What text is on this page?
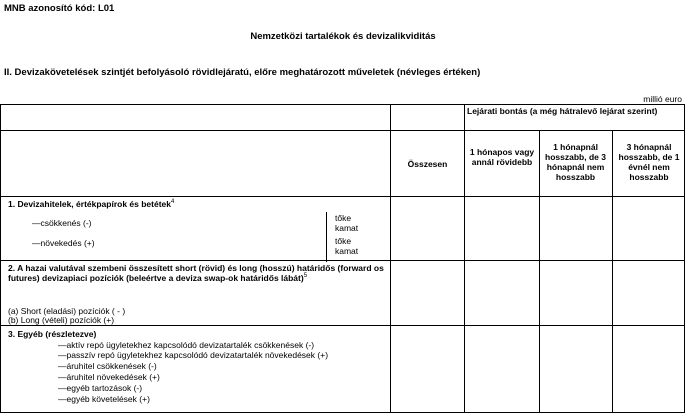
MNB azonosító kód: L01
Nemzetközi tartalékok és devizalikviditás
II. Devizakövetelések szintjét befolyásoló rövidlejáratú, előre meghatározott műveletek (névleges értéken)
millió euro
Lejárati bontás (a még hátralevő lejárat szerint)
Összesen
1 hónapos vagy annál rövidebb
1 hónapnál hosszabb, de 3 hónapnál nem hosszabb
3 hónapnál hosszabb, de 1 évnél nem hosszabb
1. Devizahitelek, értékpapírok és betétek$^4$
—csökkenés (-)
—növekedés (+)
tőke
kamat
tőke
kamat
2. A hazai valutával szembeni összesített short (rövid) és long (hosszú) határidős (forward os futures) devizapiaci pozíciók (beleértve a deviza swap-ok határidős lábát)$^5$
(a) Short (eladási) pozíciók ( - )
(b) Long (vételi) pozíciók (+)
3. Egyéb (részletezve)
—aktív repó ügyletekhez kapcsolódó devizatartalék csökkenések (-)
—passzív repó ügyletekhez kapcsolódó devizatartalék növekedések (+)
—áruhitel csökkenések (-)
—áruhitel növekedések (+)
—egyéb tartozások (-)
—egyéb követelések (+)
